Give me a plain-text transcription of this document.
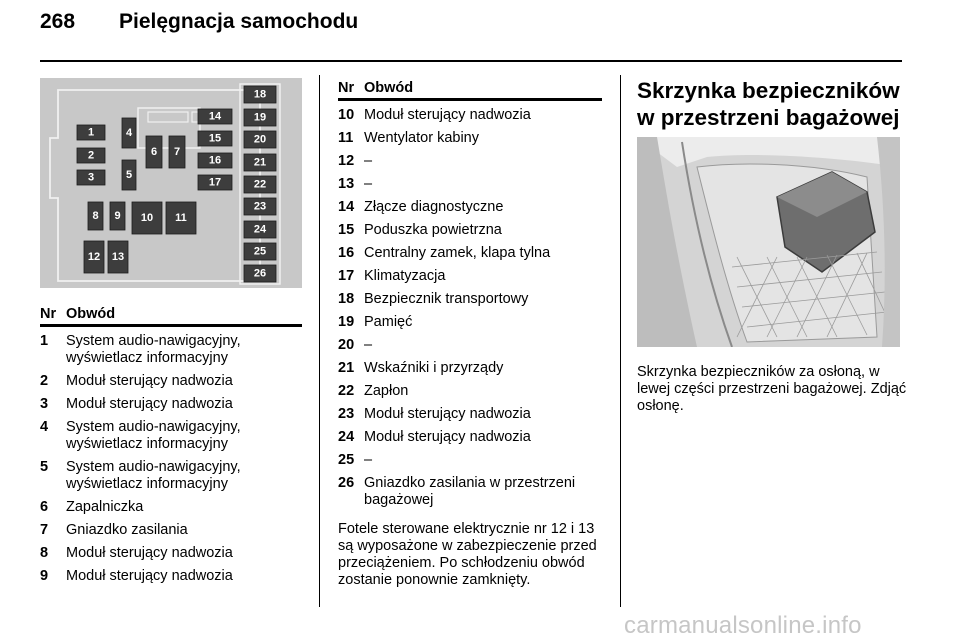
268 Pielęgnacja samochodu
1
2
3
4
5
6 7
8 9 10 11
12 13
14
15
16
17
18
19
20
21
22
23
24
25
26
Nr Obwód
1	System audio-nawigacyjny, wyświetlacz informacyjny
2	Moduł sterujący nadwozia
3	Moduł sterujący nadwozia
4	System audio-nawigacyjny, wyświetlacz informacyjny
5	System audio-nawigacyjny, wyświetlacz informacyjny
6	Zapalniczka
7	Gniazdko zasilania
8	Moduł sterujący nadwozia
9	Moduł sterujący nadwozia
Nr Obwód
10 Moduł sterujący nadwozia
11 Wentylator kabiny
12 –
13 –
14 Złącze diagnostyczne
15 Poduszka powietrzna
16 Centralny zamek, klapa tylna
17 Klimatyzacja
18 Bezpiecznik transportowy
19 Pamięć
20 –
21 Wskaźniki i przyrządy
22 Zapłon
23 Moduł sterujący nadwozia
24 Moduł sterujący nadwozia
25 –
26 Gniazdko zasilania w przestrzeni bagażowej
Fotele sterowane elektrycznie nr 12 i 13 są wyposażone w zabezpieczenie przed przeciążeniem. Po schłodzeniu obwód zostanie ponownie zamknięty.
Skrzynka bezpieczników w przestrzeni bagażowej
Skrzynka bezpieczników za osłoną, w lewej części przestrzeni bagażowej. Zdjąć osłonę.
carmanualsonline.info
